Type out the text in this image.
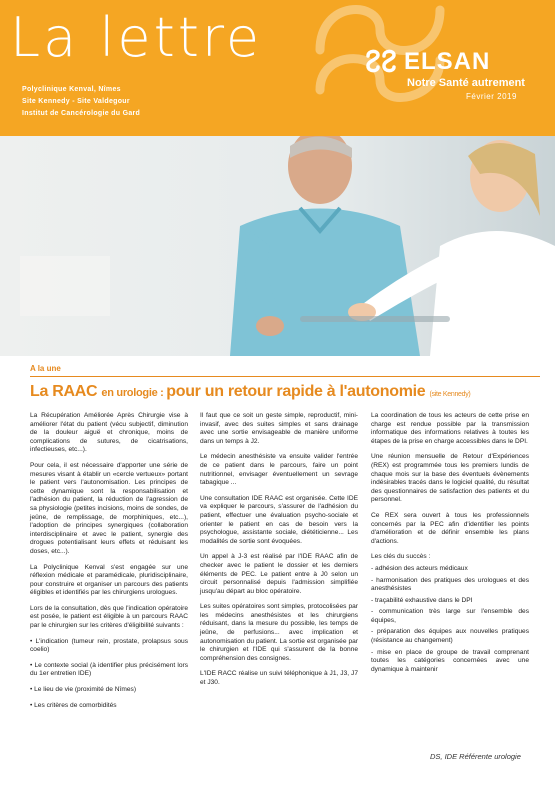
La lettre
Polyclinique Kenval, Nîmes
Site Kennedy - Site Valdegour
Institut de Cancérologie du Gard
ELSAN
Notre Santé autrement
Février 2019
A la une
La RAAC en urologie : pour un retour rapide à l'autonomie (site Kennedy)

La Récupération Améliorée Après Chirurgie vise à améliorer l'état du patient (vécu subjectif, diminution de la douleur aiguë et chronique, moins de complications de sutures, de cicatrisations, infectieuses, etc...).

Pour cela, il est nécessaire d'apporter une série de mesures visant à établir un «cercle vertueux» portant le patient vers l'autonomisation. Les principes de cette dynamique sont la responsabilisation et l'adhésion du patient, la réduction de l'agression de sa physiologie (petites incisions, moins de sondes, de jeûne, de remplissage, de morphiniques, etc...), l'adoption de principes synergiques (collaboration interdisciplinaire et avec le patient, synergie des drogues potentialisant leurs effets et réduisant les doses, etc...).

La Polyclinique Kenval s'est engagée sur une réflexion médicale et paramédicale, pluridisciplinaire, pour construire et organiser un parcours des patients éligibles et identifiés par les chirurgiens urologues.

Lors de la consultation, dès que l'indication opératoire est posée, le patient est éligible à un parcours RAAC par le chirurgien sur les critères d'éligibilité suivants :

• L'indication (tumeur rein, prostate, prolapsus sous coelio)

• Le contexte social (à identifier plus précisément lors du 1er entretien IDE)

• Le lieu de vie (proximité de Nîmes)

• Les critères de comorbidités

Il faut que ce soit un geste simple, reproductif, mini-invasif, avec des suites simples et sans drainage avec une sortie envisageable de manière uniforme dans un temps à J2.

Le médecin anesthésiste va ensuite valider l'entrée de ce patient dans le parcours, faire un point nutritionnel, envisager éventuellement un sevrage tabagique ...

Une consultation IDE RAAC est organisée. Cette IDE va expliquer le parcours, s'assurer de l'adhésion du patient, effectuer une évaluation psycho-sociale et orienter le patient en cas de besoin vers la psychologue, assistante sociale, diététicienne... Les modalités de sortie sont évoquées.

Un appel à J-3 est réalisé par l'IDE RAAC afin de checker avec le patient le dossier et les derniers éléments de PEC. Le patient entre à J0 selon un circuit personnalisé depuis l'admission simplifiée jusqu'au départ au bloc opératoire.

Les suites opératoires sont simples, protocolisées par les médecins anesthésistes et les chirurgiens réduisant, dans la mesure du possible, les temps de jeûne, de perfusions... avec implication et autonomisation du patient. La sortie est organisée par le chirurgien et l'IDE qui s'assurent de la bonne compréhension des consignes.

L'IDE RACC réalise un suivi téléphonique à J1, J3, J7 et J30.

La coordination de tous les acteurs de cette prise en charge est rendue possible par la transmission informatique des informations relatives à toutes les étapes de la prise en charge accessibles dans le DPI.

Une réunion mensuelle de Retour d'Expériences (REX) est programmée tous les premiers lundis de chaque mois sur la base des éventuels évènements indésirables tracés dans le logiciel qualité, du résultat des questionnaires de satisfaction des patients et du personnel.

Ce REX sera ouvert à tous les professionnels concernés par la PEC afin d'identifier les points d'amélioration et de définir ensemble les plans d'actions.

Les clés du succès :

- adhésion des acteurs médicaux

- harmonisation des pratiques des urologues et des anesthésistes

- traçabilité exhaustive dans le DPI

- communication très large sur l'ensemble des équipes,

- préparation des équipes aux nouvelles pratiques (résistance au changement)

- mise en place de groupe de travail comprenant toutes les catégories concernées avec une dynamique à maintenir

DS, IDE Référente urologie
